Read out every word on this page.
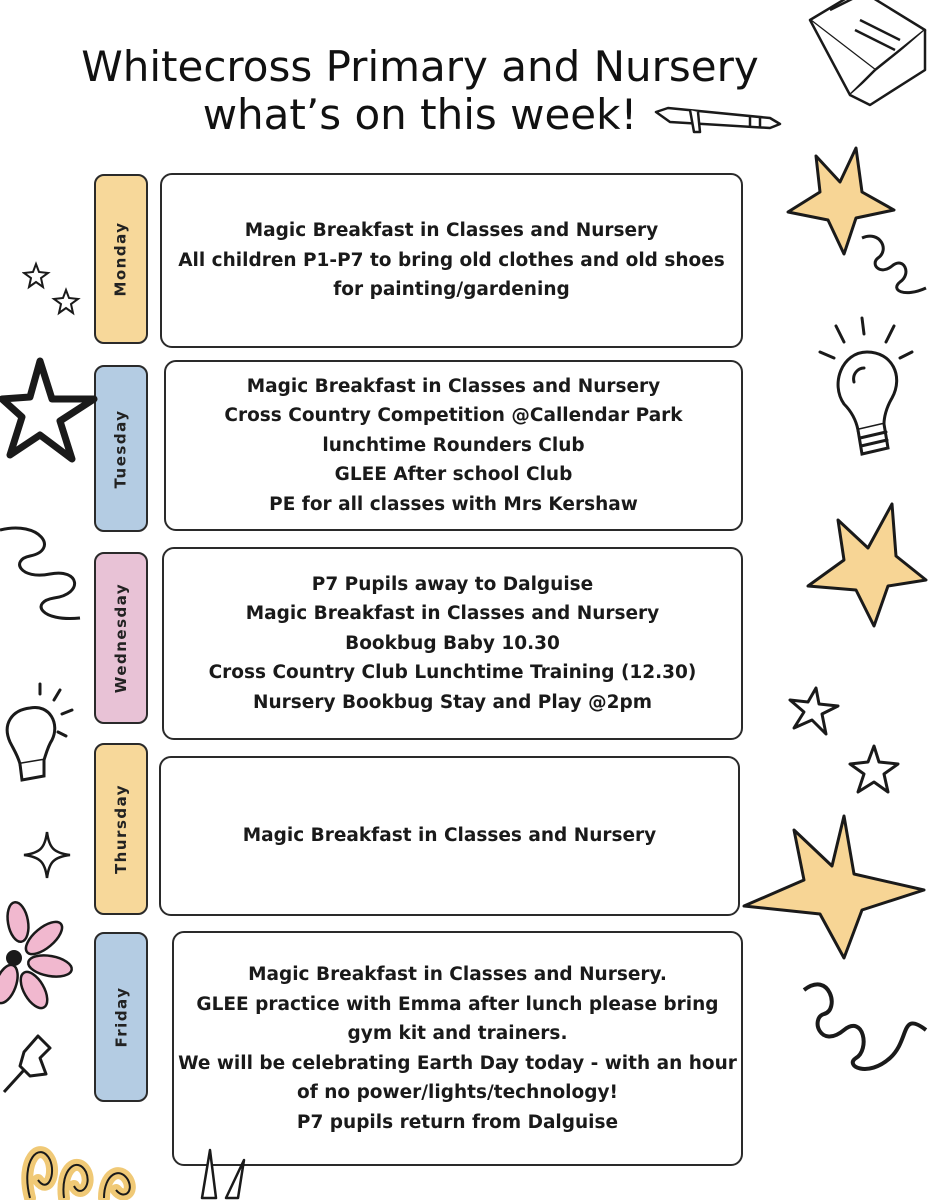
Whitecross Primary and Nursery
what’s on this week!
Monday	Magic Breakfast in Classes and Nursery
All children P1-P7 to bring old clothes and old shoes
for painting/gardening
Tuesday
Magic Breakfast in Classes and Nursery
Cross Country Competition @Callendar Park
lunchtime Rounders Club
GLEE After school Club
PE for all classes with Mrs Kershaw
Wednesday	P7 Pupils away to Dalguise
Magic Breakfast in Classes and Nursery
Bookbug Baby 10.30
Cross Country Club Lunchtime Training (12.30)
Nursery Bookbug Stay and Play @2pm
Thursday	Magic Breakfast in Classes and Nursery
Friday
Magic Breakfast in Classes and Nursery.
GLEE practice with Emma after lunch please bring
gym kit and trainers.
We will be celebrating Earth Day today - with an hour
of no power/lights/technology!
P7 pupils return from Dalguise
